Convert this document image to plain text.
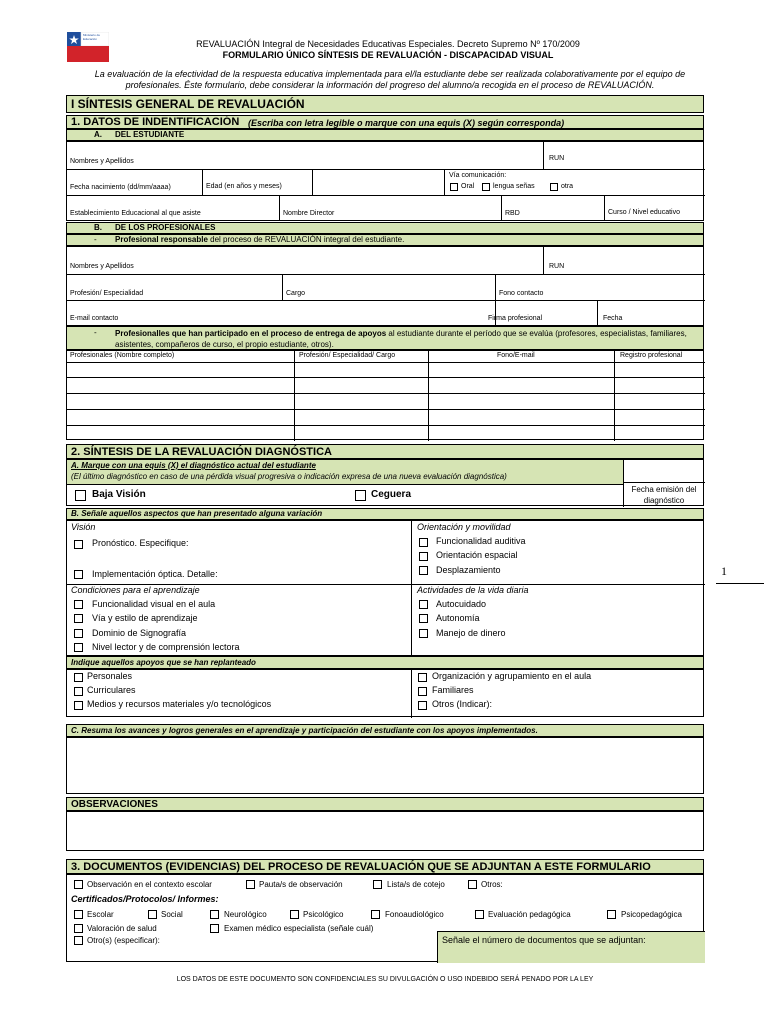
Ministerio de Educación	REVALUACIÓN Integral de Necesidades Educativas Especiales. Decreto Supremo Nº 170/2009
FORMULARIO ÚNICO SÍNTESIS DE REVALUACIÓN - DISCAPACIDAD VISUAL
La evaluación de la efectividad de la respuesta educativa implementada para el/la estudiante debe ser realizada colaborativamente por el equipo de profesionales. Éste formulario, debe considerar la información del progreso del alumno/a recogida en el proceso de REVALUACIÓN.
I SÍNTESIS GENERAL DE REVALUACIÓN
1. DATOS DE INDENTIFICACIÓN (Escriba con letra legible o marque con una equis (X) según corresponda)
A. DEL ESTUDIANTE
Nombres y Apellidos	RUN
Fecha nacimiento (dd/mm/aaaa)	Edad (en años y meses)
Vía comunicación:
Oral	lengua señas	otra
Establecimiento Educacional al que asiste	Nombre Director	RBD	Curso / Nivel educativo
B. DE LOS PROFESIONALES
- Profesional responsable del proceso de REVALUACIÓN integral del estudiante.
Nombres y Apellidos	RUN
Profesión/ Especialidad	Cargo	Fono contacto
E-mail contacto	Firma profesional	Fecha
- Profesionalles que han participado en el proceso de entrega de apoyos al estudiante durante el período que se evalúa (profesores, especialistas, familiares, asistentes, compañeros de curso, el propio estudiante, otros).
Profesionales (Nombre completo)	Profesión/ Especialidad/ Cargo	Fono/E-mail	Registro profesional
2. SÍNTESIS DE LA REVALUACIÓN DIAGNÓSTICA
A. Marque con una equis (X) el diagnóstico actual del estudiante
(El último diagnóstico en caso de una pérdida visual progresiva o indicación expresa de una nueva evaluación diagnóstica)
Baja Visión	Ceguera	Fecha emisión del diagnóstico
B. Señale aquellos aspectos que han presentado alguna variación
Visión
Pronóstico. Especifique:
Implementación óptica. Detalle:
Orientación y movilidad
Funcionalidad auditiva
Orientación espacial
Desplazamiento
Condiciones para el aprendizaje
Funcionalidad visual en el aula
Vía y estilo de aprendizaje
Dominio de Signografía
Nivel lector y de comprensión lectora
Actividades de la vida diaria
Autocuidado
Autonomía
Manejo de dinero
Indique aquellos apoyos que se han replanteado
Personales
Curriculares
Medios y recursos materiales y/o tecnológicos
Organización y agrupamiento en el aula
Familiares
Otros (Indicar):
C. Resuma los avances y logros generales en el aprendizaje y participación del estudiante con los apoyos implementados.
OBSERVACIONES
3. DOCUMENTOS (EVIDENCIAS) DEL PROCESO DE REVALUACIÓN QUE SE ADJUNTAN A ESTE FORMULARIO
Observación en el contexto escolar	Pauta/s de observación	Lista/s de cotejo	Otros:
Certificados/Protocolos/ Informes:
Escolar	Social	Neurológico	Psicológico	Fonoaudiológico	Evaluación pedagógica	Psicopedagógica
Valoración de salud	Examen médico especialista (señale cuál)
Otro(s) (especificar):	Señale el número de documentos que se adjuntan:
LOS DATOS DE ESTE DOCUMENTO SON CONFIDENCIALES SU DIVULGACIÓN O USO INDEBIDO SERÁ PENADO POR LA LEY
1
